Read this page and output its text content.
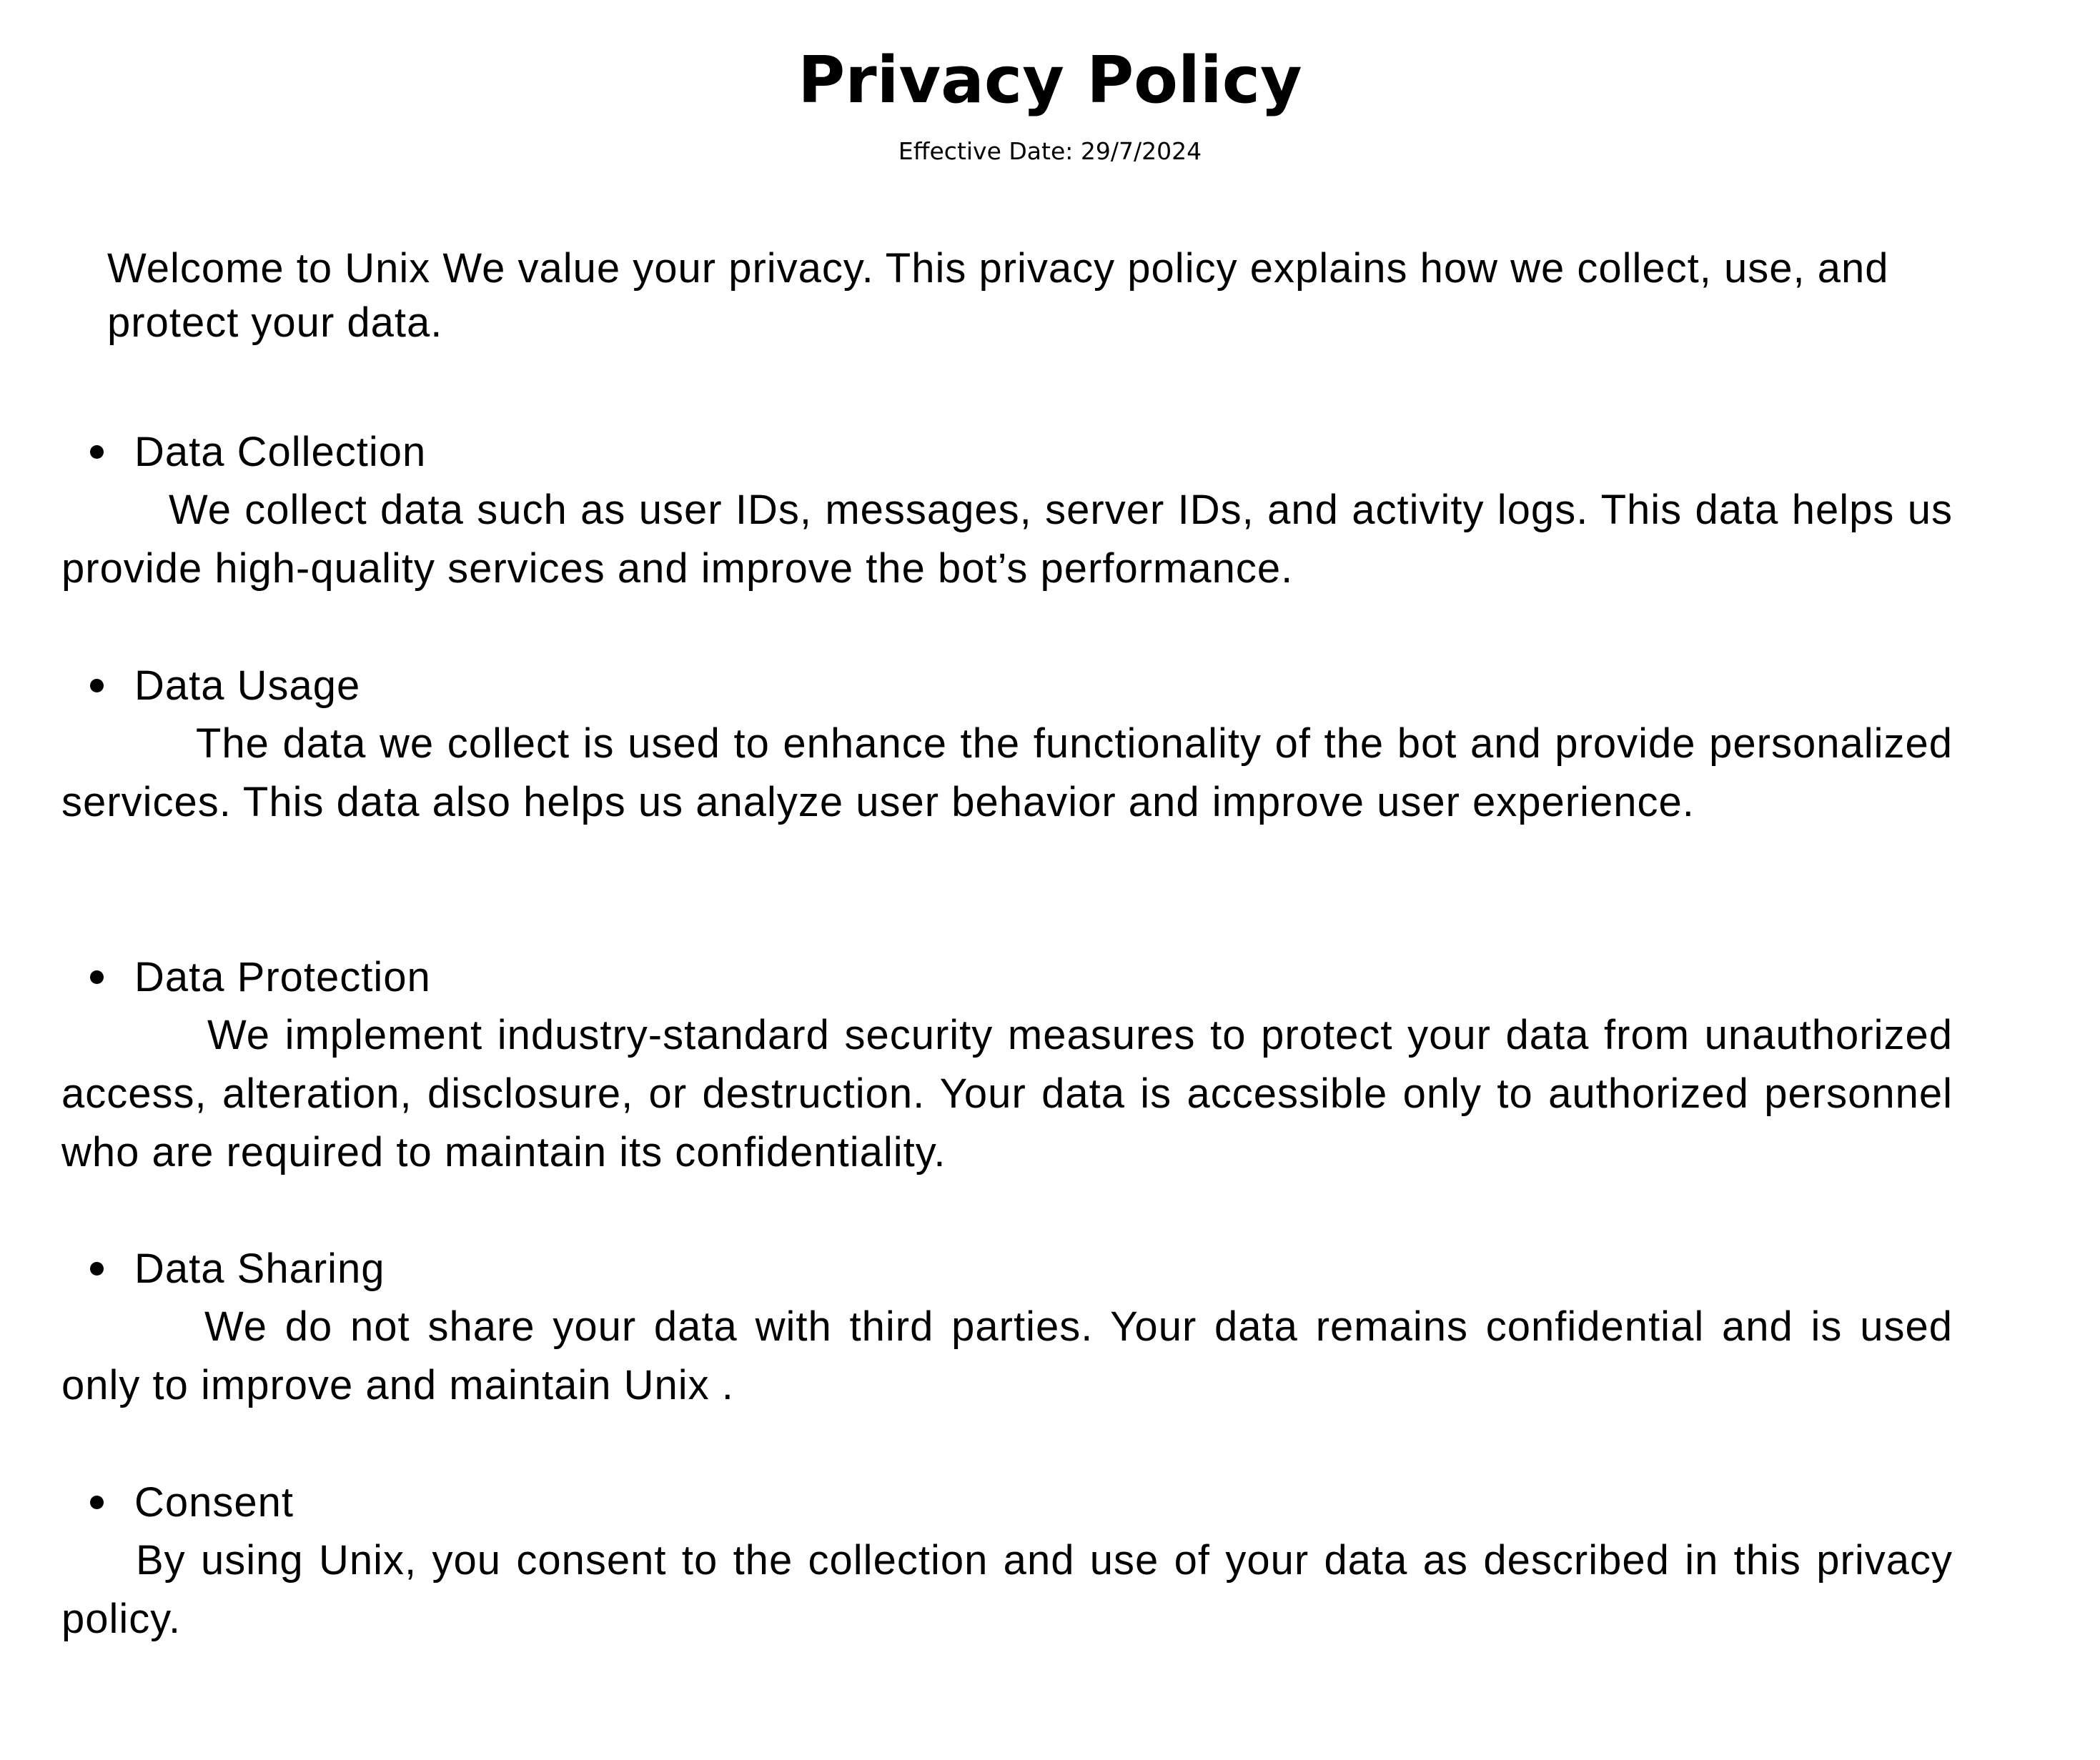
Privacy Policy

Effective Date: 29/7/2024

Welcome to Unix We value your privacy. This privacy policy explains how we collect, use, and protect your data.

Data Collection

We collect data such as user IDs, messages, server IDs, and activity logs. This data helps us provide high-quality services and improve the bot’s performance.

Data Usage

The data we collect is used to enhance the functionality of the bot and provide personalized services. This data also helps us analyze user behavior and improve user experience.

Data Protection

We implement industry-standard security measures to protect your data from unauthorized access, alteration, disclosure, or destruction. Your data is accessible only to authorized personnel who are required to maintain its confidentiality.

Data Sharing

We do not share your data with third parties. Your data remains confidential and is used only to improve and maintain Unix .

Consent

By using Unix, you consent to the collection and use of your data as described in this privacy policy.
